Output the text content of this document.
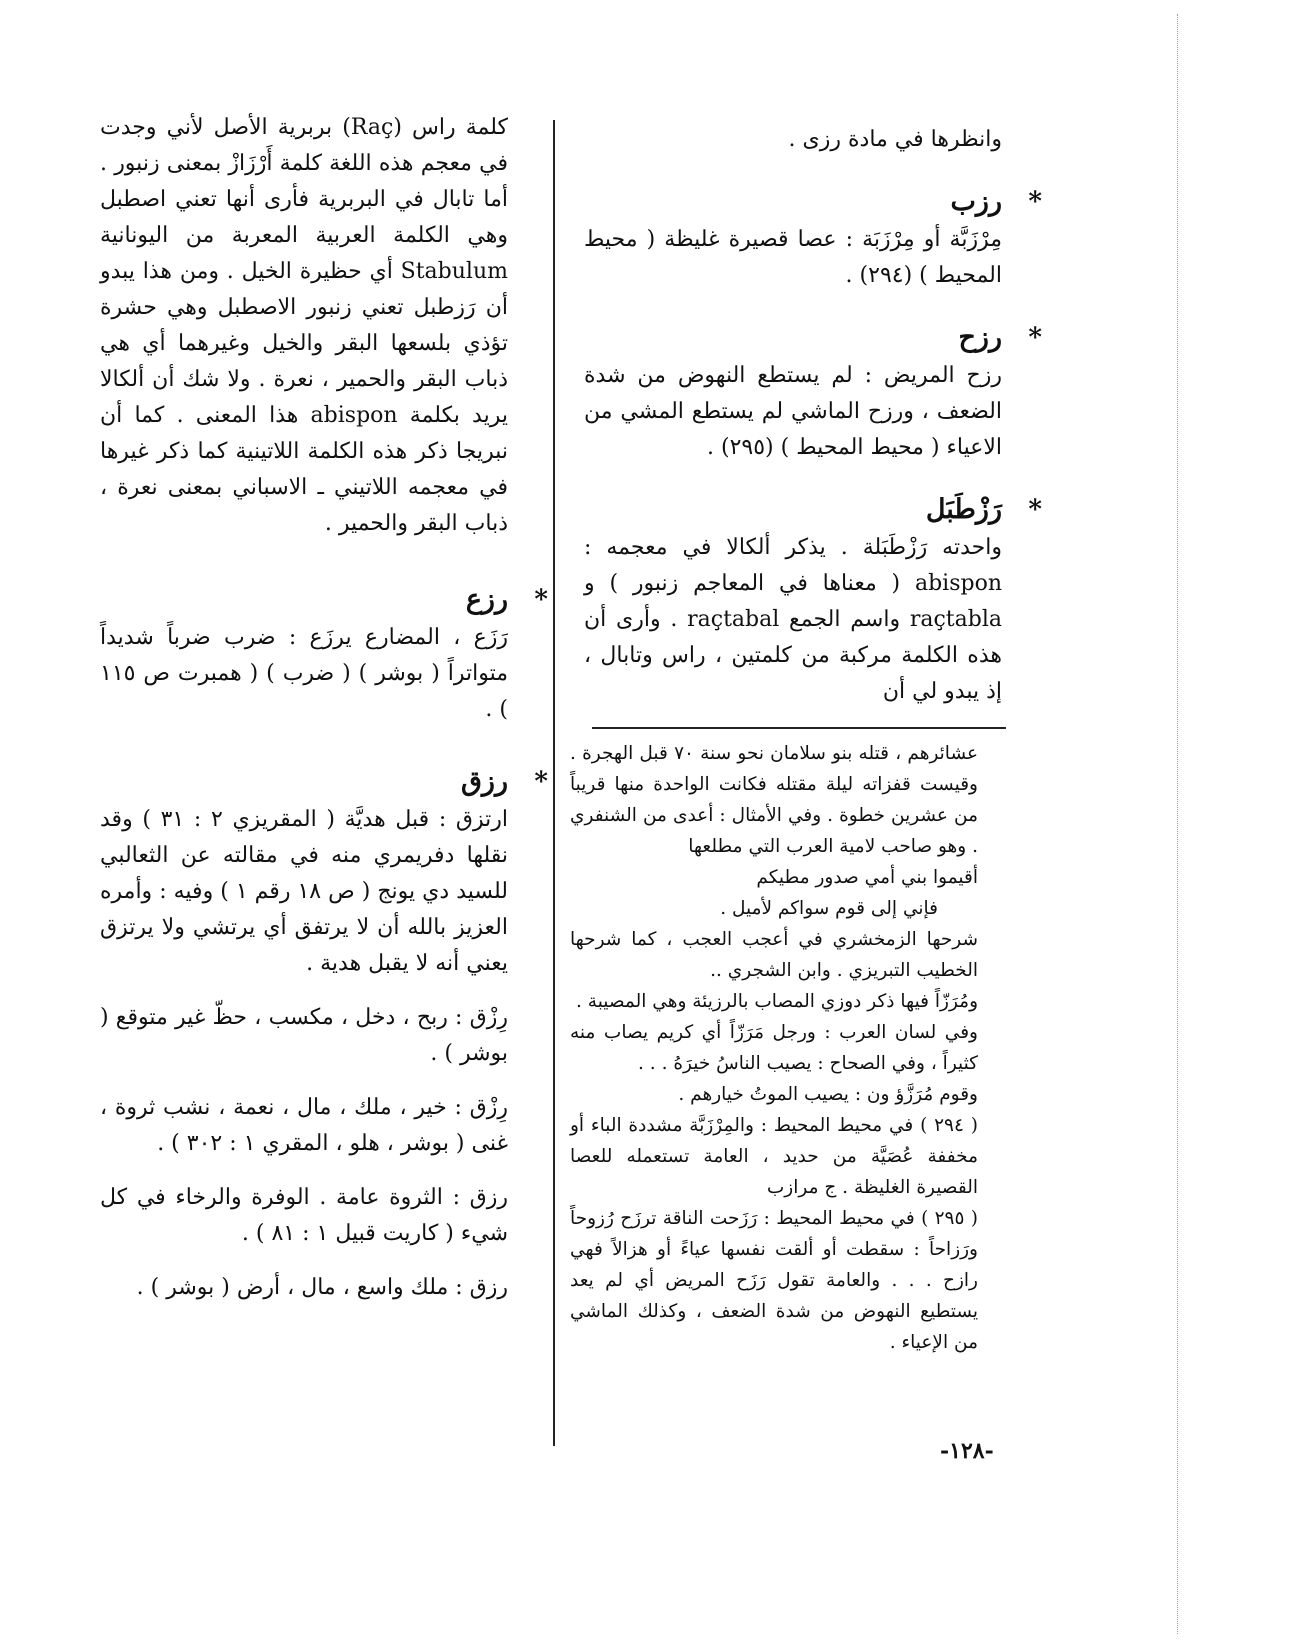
وانظرها في مادة رزى .

*

رزب

مِرْزَبَّة أو مِرْزَبَة : عصا قصيرة غليظة ( محيط المحيط ) (٢٩٤) .

*

رزح

رزح المريض : لم يستطع النهوض من شدة الضعف ، ورزح الماشي لم يستطع المشي من الاعياء ( محيط المحيط ) (٢٩٥) .

*

رَزْطَبَل

واحدته رَزْطَبَلة . يذكر ألكالا في معجمه : abispon ( معناها في المعاجم زنبور ) و raçtabla واسم الجمع raçtabal . وأرى أن هذه الكلمة مركبة من كلمتين ، راس وتابال ، إذ يبدو لي أن

عشائرهم ، قتله بنو سلامان نحو سنة ٧٠ قبل الهجرة . وقيست قفزاته ليلة مقتله فكانت الواحدة منها قريباً من عشرين خطوة . وفي الأمثال : أعدى من الشنفري . وهو صاحب لامية العرب التي مطلعها

أقيموا بني أمي صدور مطيكم

فإني إلى قوم سواكم لأميل .

شرحها الزمخشري في أعجب العجب ، كما شرحها الخطيب التبريزي . وابن الشجري ..

ومُرَزّاً فيها ذكر دوزي المصاب بالرزيئة وهي المصيبة .

وفي لسان العرب : ورجل مَرَزّاً أي كريم يصاب منه كثيراً ، وفي الصحاح : يصيب الناسُ خيرَهُ . . .

وقوم مُرَزَّؤ ون : يصيب الموتُ خيارهم .

( ٢٩٤ ) في محيط المحيط : والمِرْزَبَّة مشددة الباء أو مخففة عُصَيَّة من حديد ، العامة تستعمله للعصا القصيرة الغليظة . ج مرازب

( ٢٩٥ ) في محيط المحيط : رَزَحت الناقة ترزَح رُزوحاً ورَزاحاً : سقطت أو ألقت نفسها عياءً أو هزالاً فهي رازح . . . والعامة تقول رَزَح المريض أي لم يعد يستطيع النهوض من شدة الضعف ، وكذلك الماشي من الإعياء .

كلمة راس (Raç) بربرية الأصل لأني وجدت في معجم هذه اللغة كلمة أَرْزَازْ بمعنى زنبور . أما تابال في البربرية فأرى أنها تعني اصطبل وهي الكلمة العربية المعربة من اليونانية Stabulum أي حظيرة الخيل . ومن هذا يبدو أن رَزطبل تعني زنبور الاصطبل وهي حشرة تؤذي بلسعها البقر والخيل وغيرهما أي هي ذباب البقر والحمير ، نعرة . ولا شك أن ألكالا يريد بكلمة abispon هذا المعنى . كما أن نبريجا ذكر هذه الكلمة اللاتينية كما ذكر غيرها في معجمه اللاتيني ـ الاسباني بمعنى نعرة ، ذباب البقر والحمير .

*

رزع

رَزَع ، المضارع يرزَع : ضرب ضرباً شديداً متواتراً ( بوشر ) ( ضرب ) ( همبرت ص ١١٥ ) .

*

رزق

ارتزق : قبل هديَّة ( المقريزي ٢ : ٣١ ) وقد نقلها دفريمري منه في مقالته عن الثعالبي للسيد دي يونج ( ص ١٨ رقم ١ ) وفيه : وأمره العزيز بالله أن لا يرتفق أي يرتشي ولا يرتزق يعني أنه لا يقبل هدية .

رِزْق : ربح ، دخل ، مكسب ، حظّ غير متوقع ( بوشر ) .

رِزْق : خير ، ملك ، مال ، نعمة ، نشب ثروة ، غنى ( بوشر ، هلو ، المقري ١ : ٣٠٢ ) .

رزق : الثروة عامة . الوفرة والرخاء في كل شيء ( كاريت قبيل ١ : ٨١ ) .

رزق : ملك واسع ، مال ، أرض ( بوشر ) .

-١٢٨-
